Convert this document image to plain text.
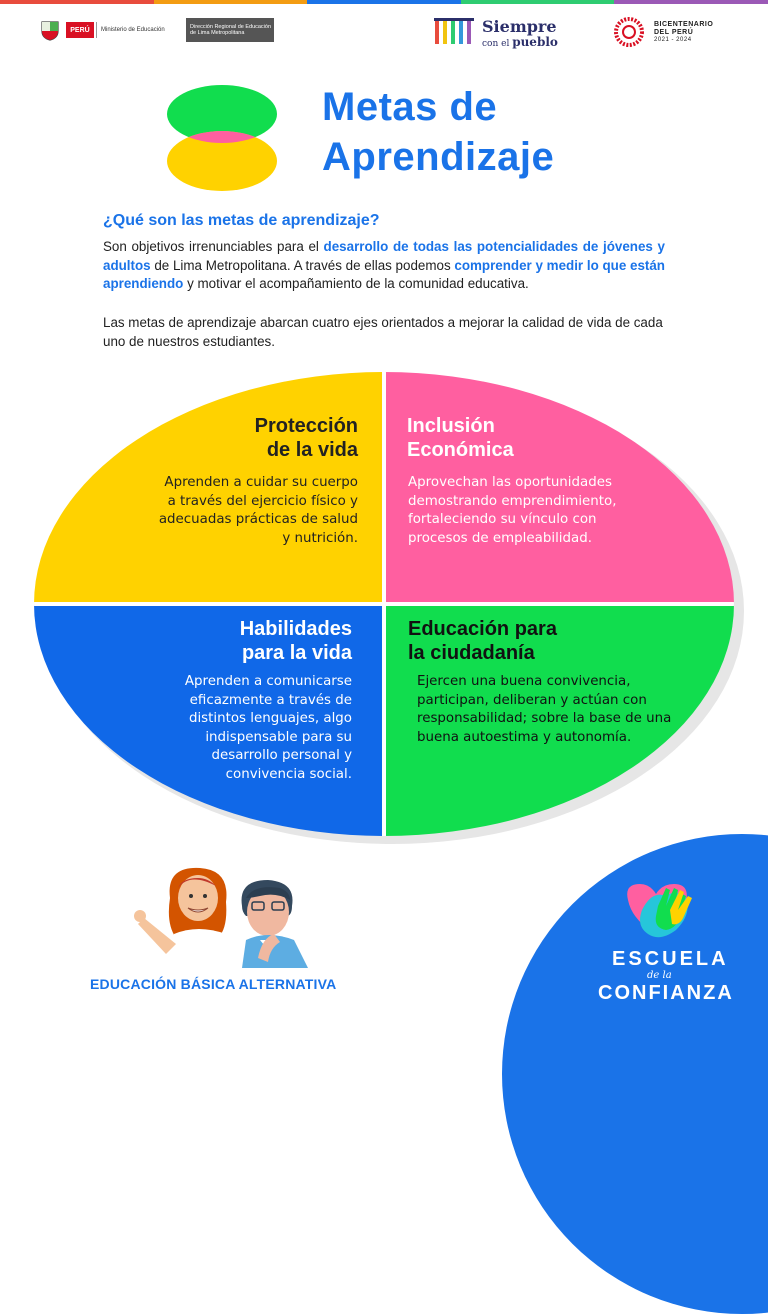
PERÚ	Ministerio de Educación	Dirección Regional de Educación de Lima Metropolitana	Siempre
con el pueblo
BICENTENARIO
DEL PERÚ
2021 - 2024
Metas de
Aprendizaje
¿Qué son las metas de aprendizaje?
Son objetivos irrenunciables para el desarrollo de todas las potencialidades de jóvenes y adultos de Lima Metropolitana. A través de ellas podemos comprender y medir lo que están aprendiendo y motivar el acompañamiento de la comunidad educativa.
Las metas de aprendizaje abarcan cuatro ejes orientados a mejorar la calidad de vida de cada uno de nuestros estudiantes.
Protección
de la vida
Aprenden a cuidar su cuerpo a través del ejercicio físico y adecuadas prácticas de salud y nutrición.
Inclusión
Económica
Aprovechan las oportunidades demostrando emprendimiento, fortaleciendo su vínculo con procesos de empleabilidad.
Habilidades
para la vida
Aprenden a comunicarse eficazmente a través de distintos lenguajes, algo indispensable para su desarrollo personal y convivencia social.
Educación para
la ciudadanía
Ejercen una buena convivencia, participan, deliberan y actúan con responsabilidad; sobre la base de una buena autoestima y autonomía.
EDUCACIÓN BÁSICA ALTERNATIVA
ESCUELA
de la
CONFIANZA
